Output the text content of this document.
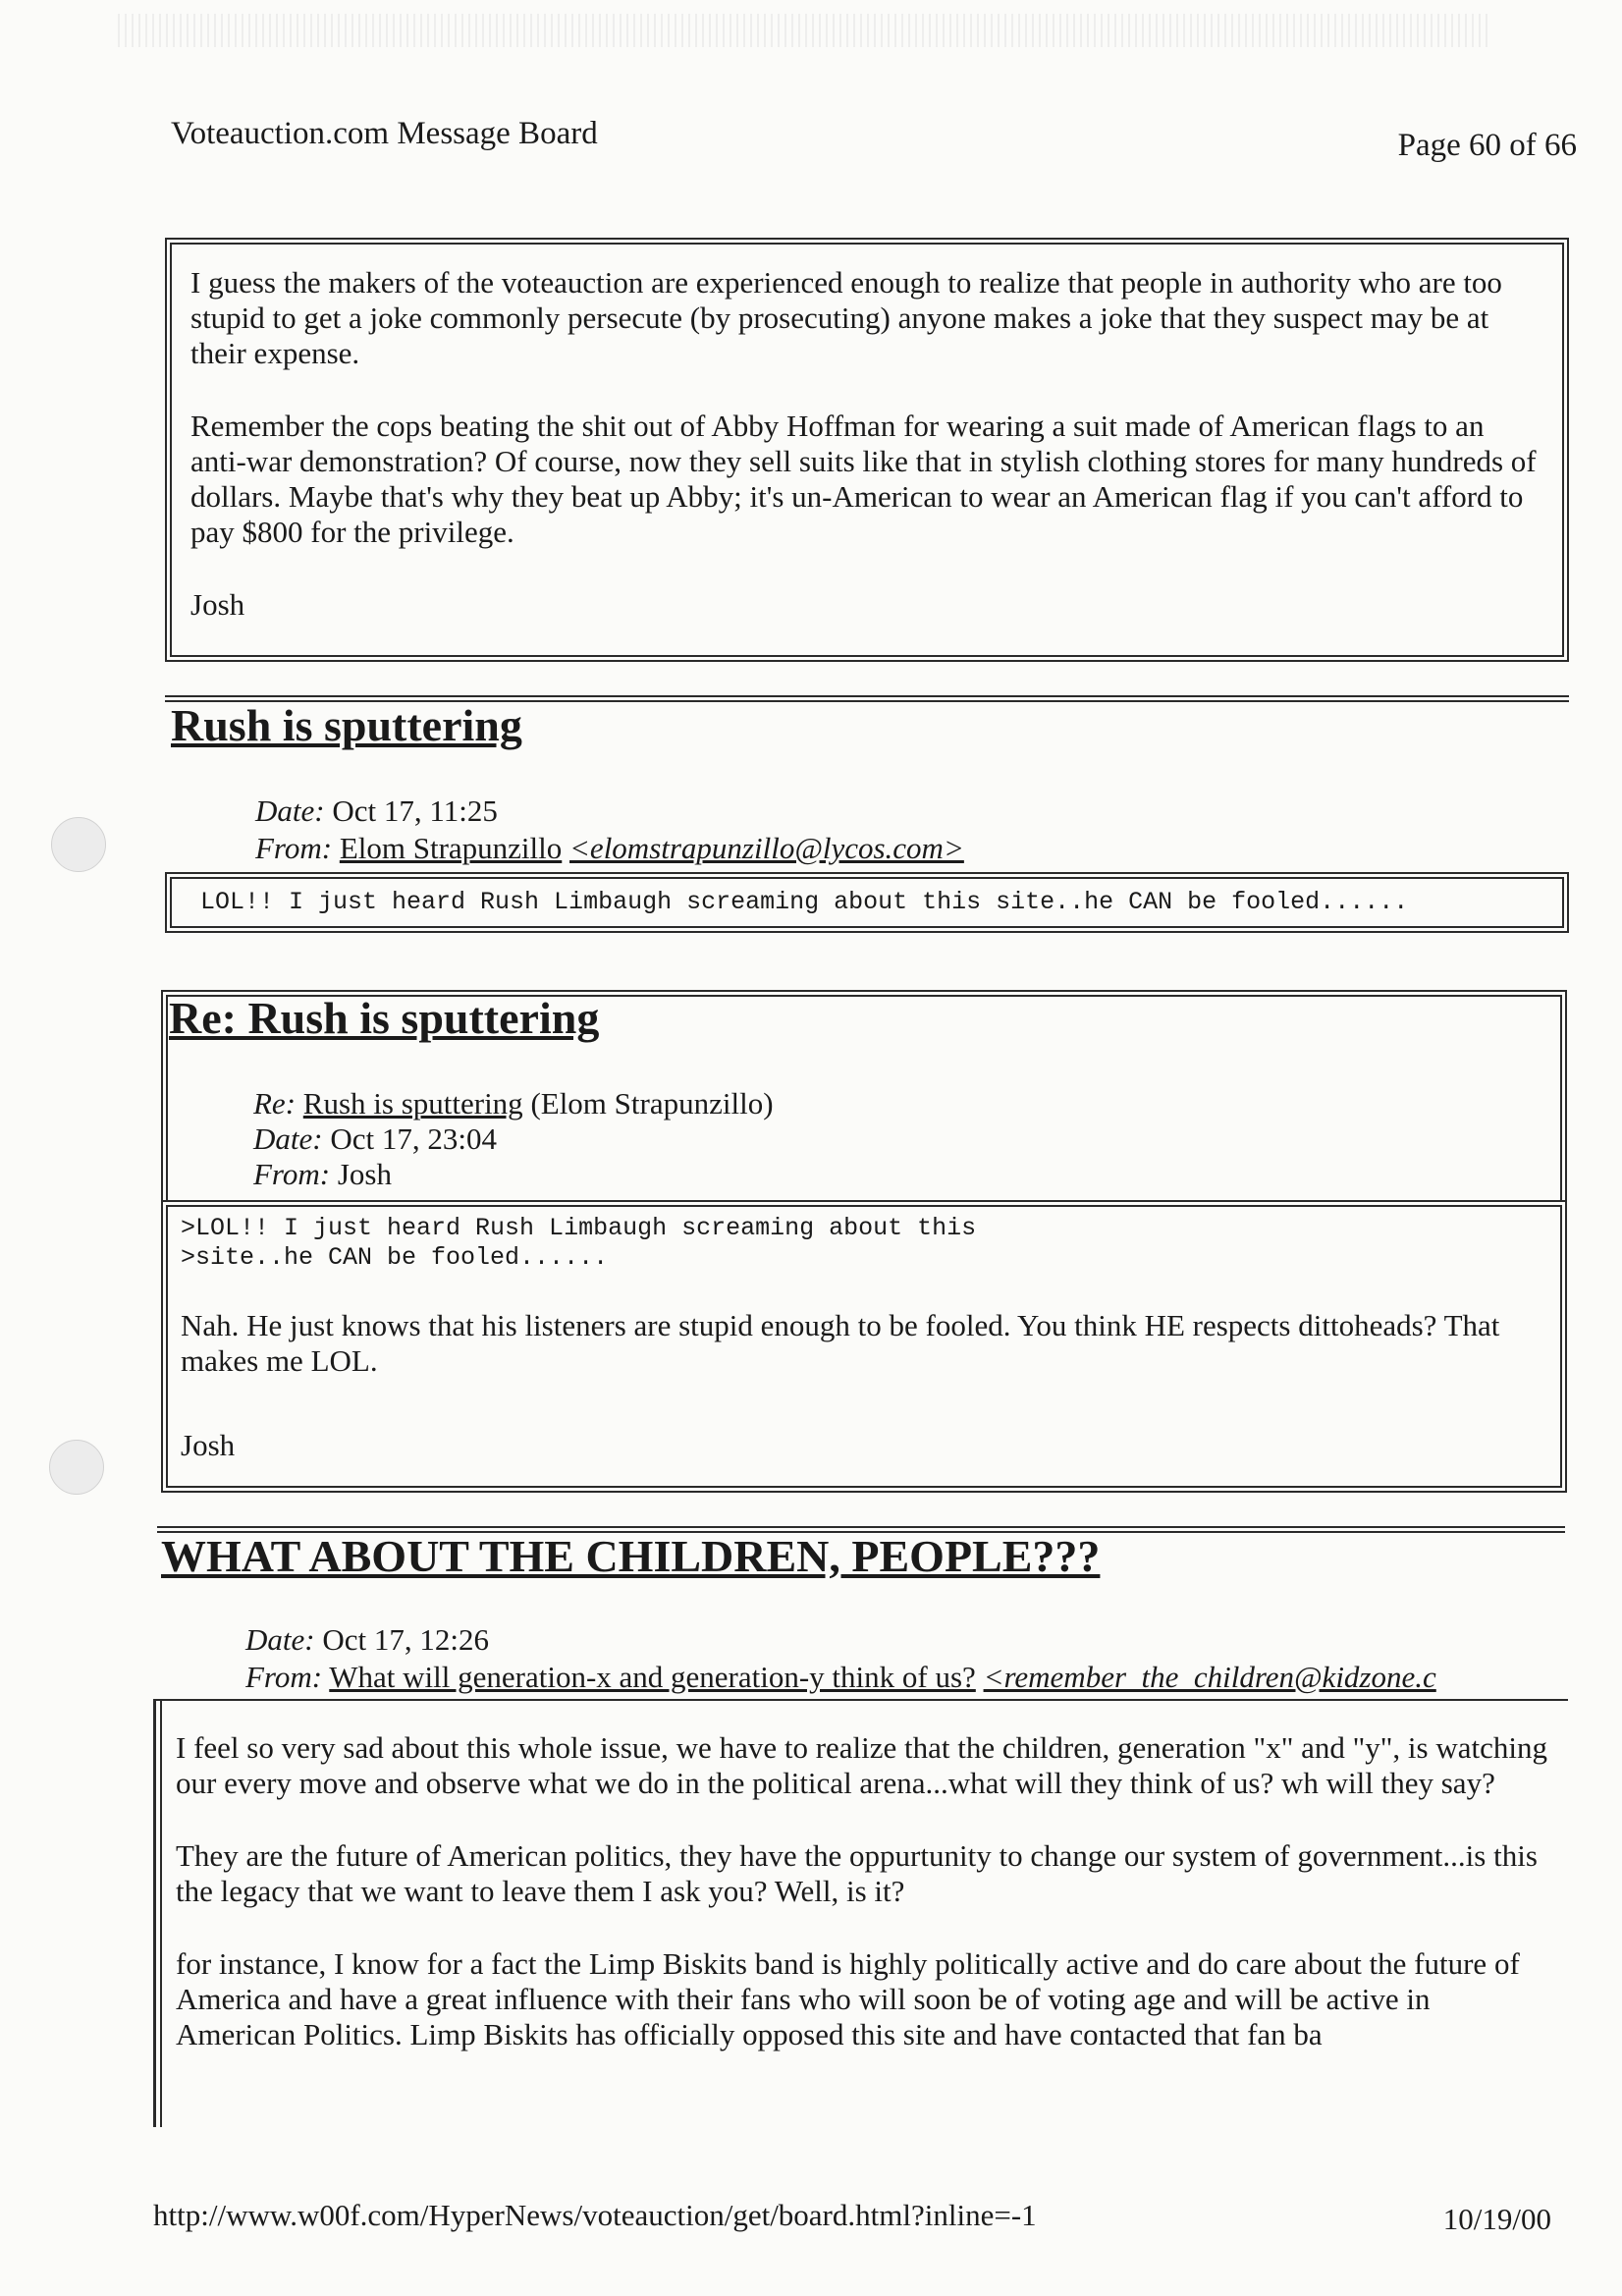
Voteauction.com Message Board	Page 60 of 66

I guess the makers of the voteauction are experienced enough to realize that people in authority who are too stupid to get a joke commonly persecute (by prosecuting) anyone makes a joke that they suspect may be at their expense.

Remember the cops beating the shit out of Abby Hoffman for wearing a suit made of American flags to an anti-war demonstration? Of course, now they sell suits like that in stylish clothing stores for many hundreds of dollars. Maybe that's why they beat up Abby; it's un-American to wear an American flag if you can't afford to pay $800 for the privilege.

Josh
Rush is sputtering
Date: Oct 17, 11:25
From: Elom Strapunzillo <elomstrapunzillo@lycos.com>
LOL!! I just heard Rush Limbaugh screaming about this site..he CAN be fooled......
Re: Rush is sputtering
Re: Rush is sputtering (Elom Strapunzillo)
Date: Oct 17, 23:04
From: Josh
>LOL!! I just heard Rush Limbaugh screaming about this
>site..he CAN be fooled......
Nah. He just knows that his listeners are stupid enough to be fooled. You think HE respects dittoheads? That makes me LOL.
Josh
WHAT ABOUT THE CHILDREN, PEOPLE???
Date: Oct 17, 12:26
From: What will generation-x and generation-y think of us? <remember_the_children@kidzone.c

I feel so very sad about this whole issue, we have to realize that the children, generation "x" and "y", is watching our every move and observe what we do in the political arena...what will they think of us? wh will they say?

They are the future of American politics, they have the oppurtunity to change our system of government...is this the legacy that we want to leave them I ask you? Well, is it?

for instance, I know for a fact the Limp Biskits band is highly politically active and do care about the future of America and have a great influence with their fans who will soon be of voting age and will be active in American Politics. Limp Biskits has officially opposed this site and have contacted that fan ba

http://www.w00f.com/HyperNews/voteauction/get/board.html?inline=-1	10/19/00
